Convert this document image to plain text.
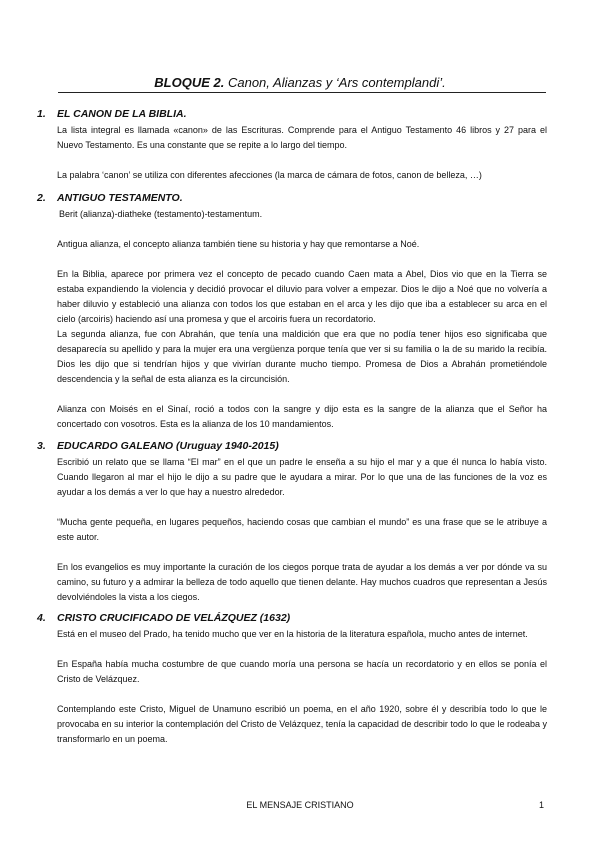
BLOQUE 2. Canon, Alianzas y ‘Ars contemplandi’.
1. EL CANON DE LA BIBLIA.

La lista integral es llamada «canon» de las Escrituras. Comprende para el Antiguo Testamento 46 libros y 27 para el Nuevo Testamento. Es una constante que se repite a lo largo del tiempo.

La palabra ‘canon’ se utiliza con diferentes afecciones (la marca de cámara de fotos, canon de belleza, …)

2. ANTIGUO TESTAMENTO.

Berit (alianza)-diatheke (testamento)-testamentum.

Antigua alianza, el concepto alianza también tiene su historia y hay que remontarse a Noé.

En la Biblia, aparece por primera vez el concepto de pecado cuando Caen mata a Abel, Dios vio que en la Tierra se estaba expandiendo la violencia y decidió provocar el diluvio para volver a empezar. Dios le dijo a Noé que no volvería a haber diluvio y estableció una alianza con todos los que estaban en el arca y les dijo que iba a establecer su arca en el cielo (arcoiris) haciendo así una promesa y que el arcoiris fuera un recordatorio.

La segunda alianza, fue con Abrahán, que tenía una maldición que era que no podía tener hijos eso significaba que desaparecía su apellido y para la mujer era una vergüenza porque tenía que ver si su familia o la de su marido la recibía. Dios les dijo que si tendrían hijos y que vivirían durante mucho tiempo. Promesa de Dios a Abrahán prometiéndole descendencia y la señal de esta alianza es la circuncisión.

Alianza con Moisés en el Sinaí, roció a todos con la sangre y dijo esta es la sangre de la alianza que el Señor ha concertado con vosotros. Esta es la alianza de los 10 mandamientos.

3. EDUCARDO GALEANO (Uruguay 1940-2015)

Escribió un relato que se llama “El mar” en el que un padre le enseña a su hijo el mar y a que él nunca lo había visto. Cuando llegaron al mar el hijo le dijo a su padre que le ayudara a mirar. Por lo que una de las funciones de la voz es ayudar a los demás a ver lo que hay a nuestro alrededor.

“Mucha gente pequeña, en lugares pequeños, haciendo cosas que cambian el mundo” es una frase que se le atribuye a este autor.

En los evangelios es muy importante la curación de los ciegos porque trata de ayudar a los demás a ver por dónde va su camino, su futuro y a admirar la belleza de todo aquello que tienen delante. Hay muchos cuadros que representan a Jesús devolviéndoles la vista a los ciegos.

4. CRISTO CRUCIFICADO DE VELÁZQUEZ (1632)

Está en el museo del Prado, ha tenido mucho que ver en la historia de la literatura española, mucho antes de internet.

En España había mucha costumbre de que cuando moría una persona se hacía un recordatorio y en ellos se ponía el Cristo de Velázquez.

Contemplando este Cristo, Miguel de Unamuno escribió un poema, en el año 1920, sobre él y describía todo lo que le provocaba en su interior la contemplación del Cristo de Velázquez, tenía la capacidad de describir todo lo que le rodeaba y transformarlo en un poema.

EL MENSAJE CRISTIANO	1
